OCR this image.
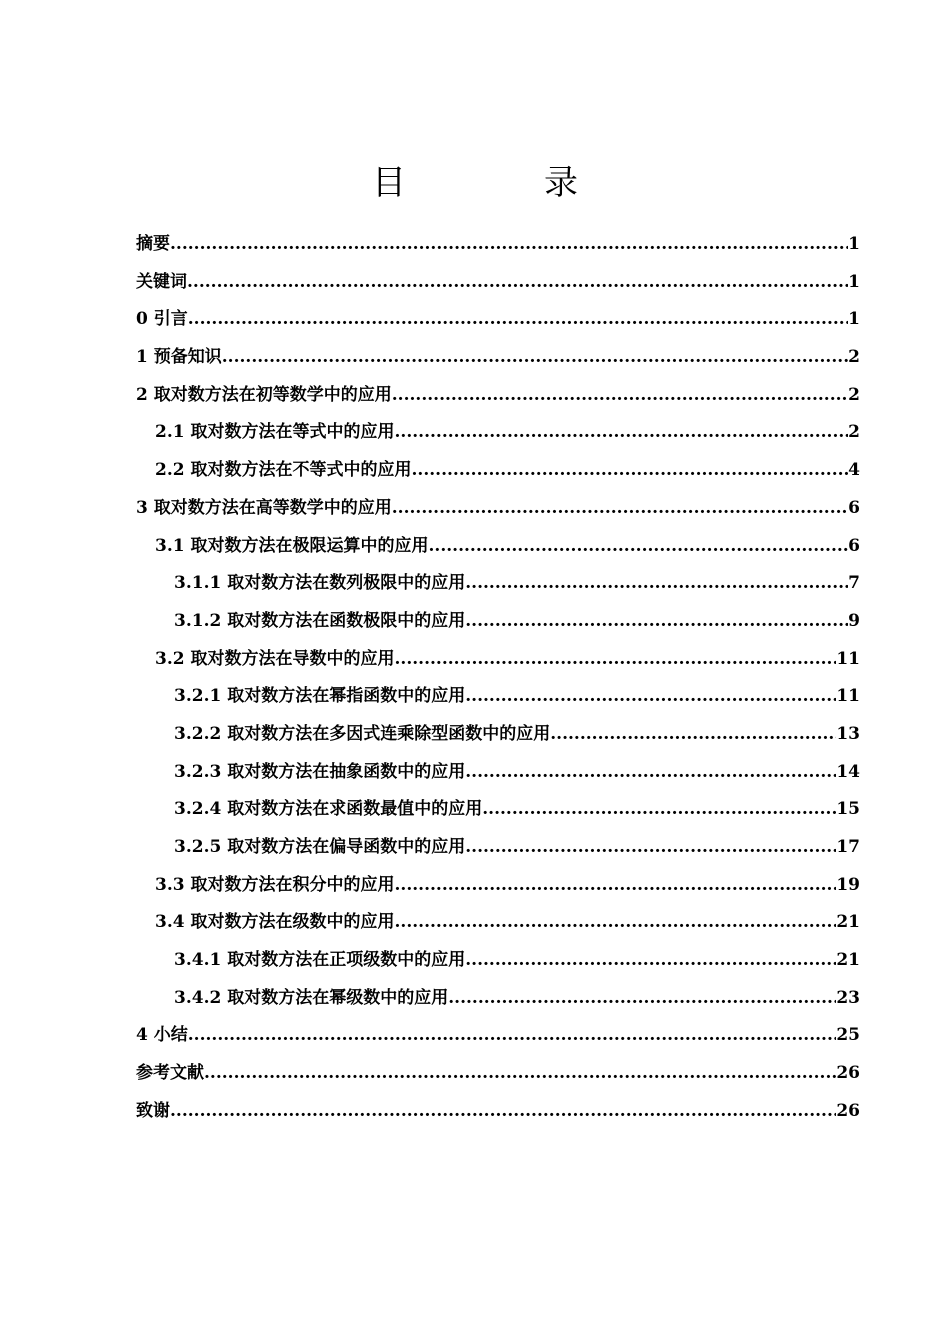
目　录
摘要 .....	1
关键词 .....	1
0 引言 .....	1
1 预备知识 .....	2
2 取对数方法在初等数学中的应用 .....	2
2.1 取对数方法在等式中的应用 .....	2
2.2 取对数方法在不等式中的应用 .....	4
3 取对数方法在高等数学中的应用 .....	6
3.1 取对数方法在极限运算中的应用 .....	6
3.1.1 取对数方法在数列极限中的应用 .....	7
3.1.2 取对数方法在函数极限中的应用 .....	9
3.2 取对数方法在导数中的应用 .....	11
3.2.1 取对数方法在幂指函数中的应用 .....	11
3.2.2 取对数方法在多因式连乘除型函数中的应用 .....	13
3.2.3 取对数方法在抽象函数中的应用 .....	14
3.2.4 取对数方法在求函数最值中的应用 .....	15
3.2.5 取对数方法在偏导函数中的应用 .....	17
3.3 取对数方法在积分中的应用 .....	19
3.4 取对数方法在级数中的应用 .....	21
3.4.1 取对数方法在正项级数中的应用 .....	21
3.4.2 取对数方法在幂级数中的应用 .....	23
4 小结 .....	25
参考文献 .....	26
致谢 .....	26
